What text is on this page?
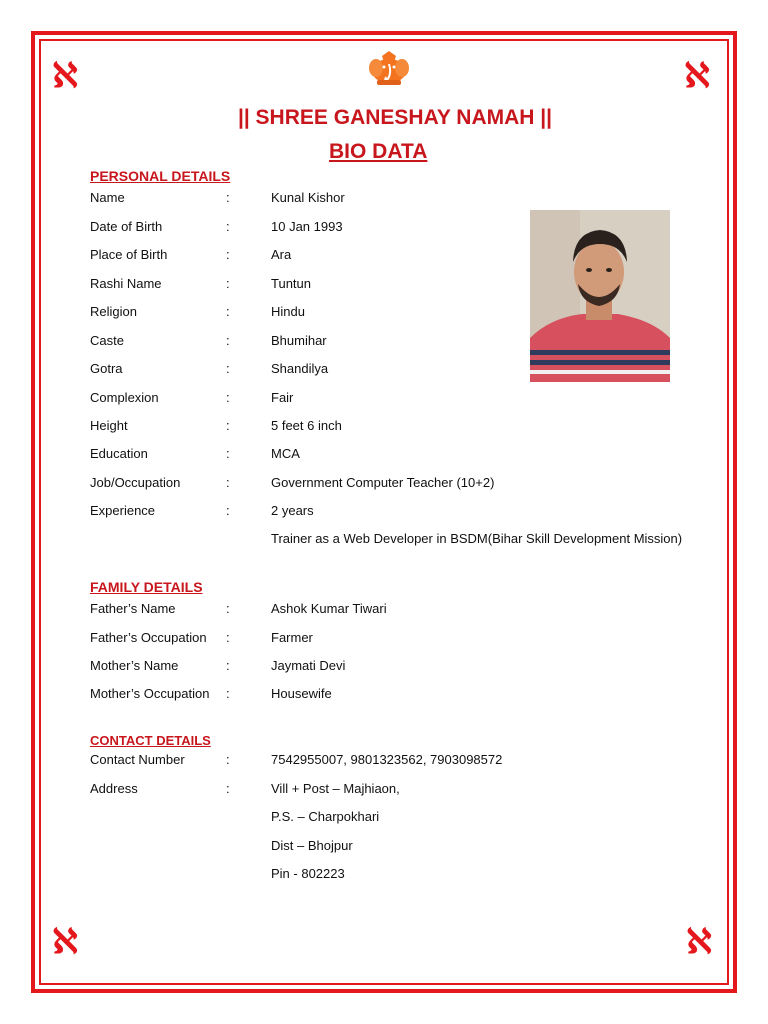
ℵ	ℵ
ℵ	ℵ
|| SHREE GANESHAY NAMAH ||
BIO DATA
PERSONAL DETAILS
Name	:	Kunal Kishor
Date of Birth	:	10 Jan 1993
Place of Birth	:	Ara
Rashi Name	:	Tuntun
Religion	:	Hindu
Caste	:	Bhumihar
Gotra	:	Shandilya
Complexion	:	Fair
Height	:	5 feet 6 inch
Education	:	MCA
Job/Occupation	:	Government Computer Teacher (10+2)
Experience	:	2 years
Trainer as a Web Developer in BSDM(Bihar Skill Development Mission)
FAMILY DETAILS
Father’s Name	:	Ashok Kumar Tiwari
Father’s Occupation :	Farmer
Mother’s Name	:	Jaymati Devi
Mother’s Occupation :	Housewife
CONTACT DETAILS
Contact Number	:	7542955007, 9801323562, 7903098572
Address	:	Vill + Post – Majhiaon,
P.S. – Charpokhari
Dist – Bhojpur
Pin - 802223
